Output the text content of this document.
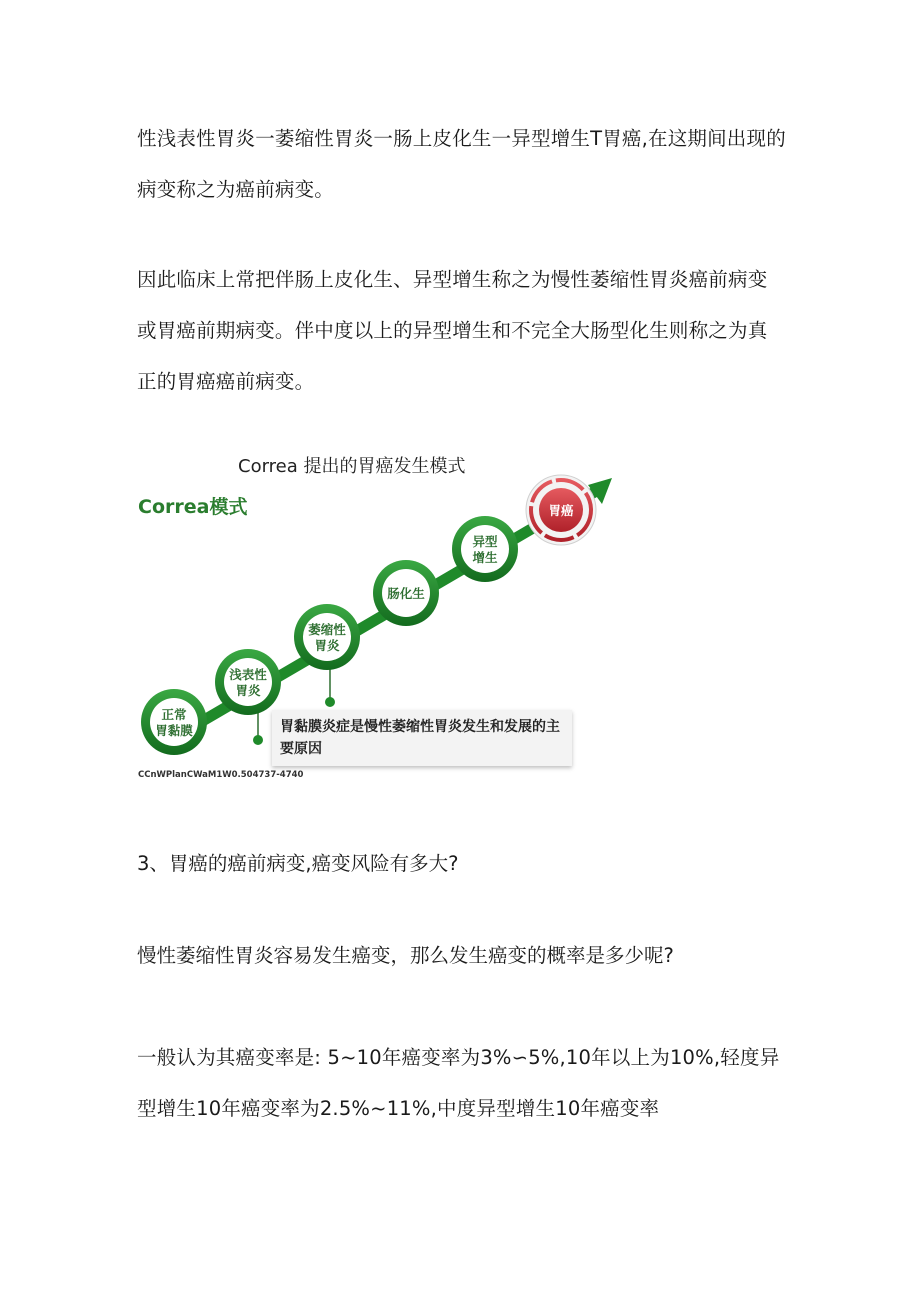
性浅表性胃炎一萎缩性胃炎一肠上皮化生一异型增生T胃癌,在这期间出现的病变称之为癌前病变。

因此临床上常把伴肠上皮化生、异型增生称之为慢性萎缩性胃炎癌前病变或胃癌前期病变。伴中度以上的异型增生和不完全大肠型化生则称之为真正的胃癌癌前病变。

正常
胃黏膜
浅表性
胃炎
萎缩性
胃炎
肠化生
异型
增生
胃癌
Correa 提出的胃癌发生模式
Correa模式
胃黏膜炎症是慢性萎缩性胃炎发生和发展的主要原因
CCnWPlanCWaM1W0.504737-4740

3、胃癌的癌前病变,癌变风险有多大?

慢性萎缩性胃炎容易发生癌变，那么发生癌变的概率是多少呢?

一般认为其癌变率是: 5~10年癌变率为3%∽5%,10年以上为10%,轻度异型增生10年癌变率为2.5%~11%,中度异型增生10年癌变率
